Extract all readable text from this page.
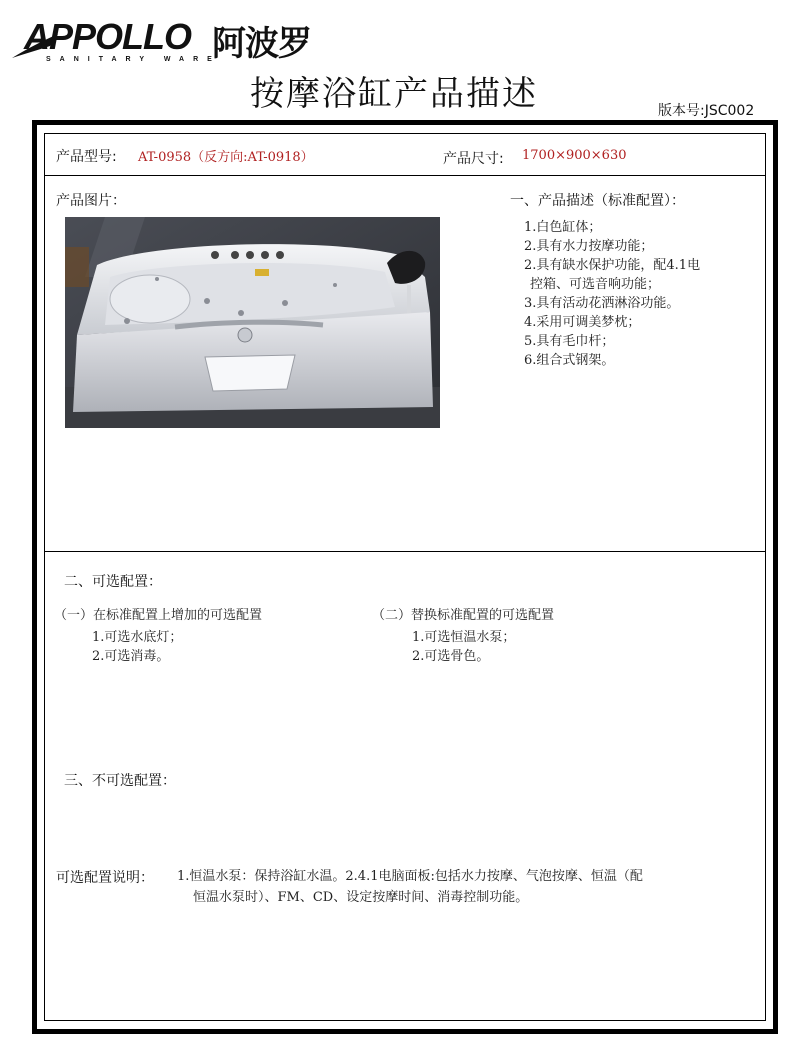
APPOLLO 阿波罗
SANITARY WARE
按摩浴缸产品描述	版本号:JSC002
产品型号: AT-0958（反方向:AT-0918）	产品尺寸: 1700×900×630
产品图片：	一、产品描述（标准配置）：
1.白色缸体；
2.具有水力按摩功能；
2.具有缺水保护功能，配4.1电
控箱、可选音响功能；
3.具有活动花洒淋浴功能。
4.采用可调美梦枕；
5.具有毛巾杆；
6.组合式钢架。
二、可选配置：
（一）在标准配置上增加的可选配置
1.可选水底灯；
2.可选消毒。
（二）替换标准配置的可选配置
1.可选恒温水泵；
2.可选骨色。
三、不可选配置：
可选配置说明： 1.恒温水泵：保持浴缸水温。2.4.1电脑面板:包括水力按摩、气泡按摩、恒温（配
恒温水泵时）、FM、CD、设定按摩时间、消毒控制功能。
